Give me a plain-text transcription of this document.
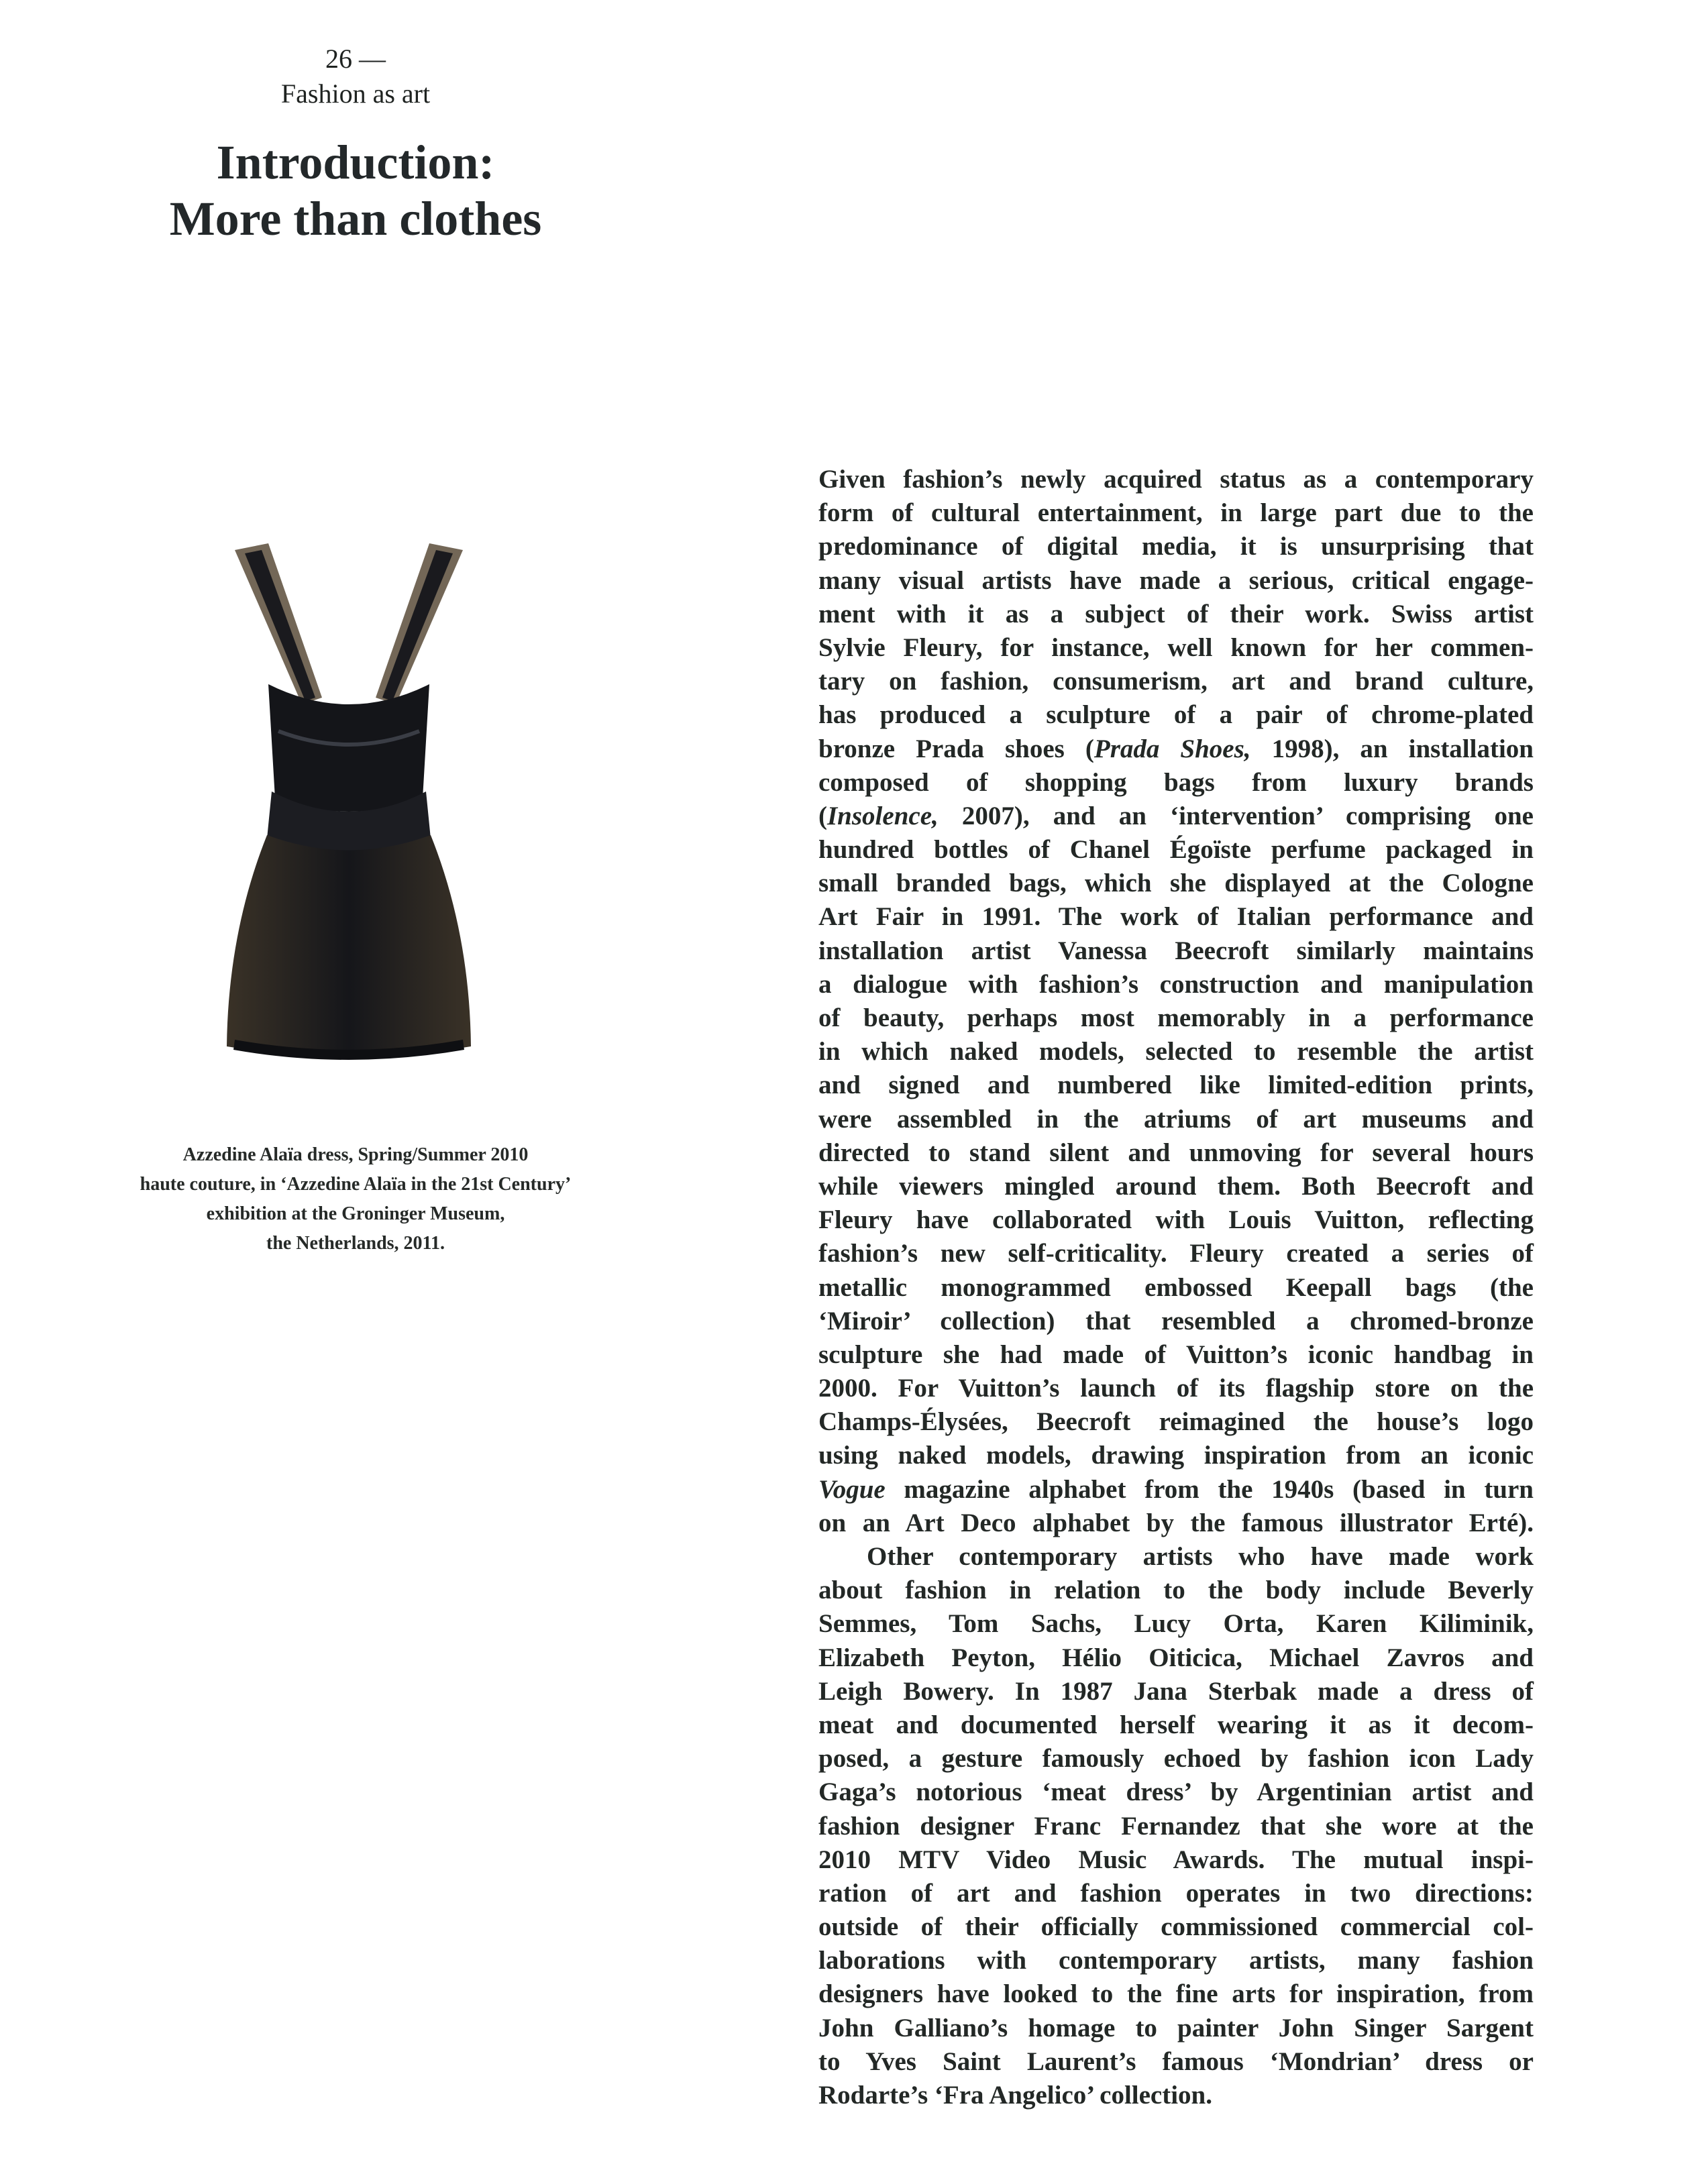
26 —
Fashion as art
Introduction:
More than clothes
Azzedine Alaïa dress, Spring/Summer 2010
haute couture, in ‘Azzedine Alaïa in the 21st Century’
exhibition at the Groninger Museum,
the Netherlands, 2011.
Given fashion’s newly acquired status as a contemporary
form of cultural entertainment, in large part due to the
predominance of digital media, it is unsurprising that
many visual artists have made a serious, critical engage-
ment with it as a subject of their work. Swiss artist
Sylvie Fleury, for instance, well known for her commen-
tary on fashion, consumerism, art and brand culture,
has produced a sculpture of a pair of chrome-plated
bronze Prada shoes (Prada Shoes, 1998), an installation
composed of shopping bags from luxury brands
(Insolence, 2007), and an ‘intervention’ comprising one
hundred bottles of Chanel Égoïste perfume packaged in
small branded bags, which she displayed at the Cologne
Art Fair in 1991. The work of Italian performance and
installation artist Vanessa Beecroft similarly maintains
a dialogue with fashion’s construction and manipulation
of beauty, perhaps most memorably in a performance
in which naked models, selected to resemble the artist
and signed and numbered like limited-edition prints,
were assembled in the atriums of art museums and
directed to stand silent and unmoving for several hours
while viewers mingled around them. Both Beecroft and
Fleury have collaborated with Louis Vuitton, reflecting
fashion’s new self-criticality. Fleury created a series of
metallic monogrammed embossed Keepall bags (the
‘Miroir’ collection) that resembled a chromed-bronze
sculpture she had made of Vuitton’s iconic handbag in
2000. For Vuitton’s launch of its flagship store on the
Champs-Élysées, Beecroft reimagined the house’s logo
using naked models, drawing inspiration from an iconic
Vogue magazine alphabet from the 1940s (based in turn
on an Art Deco alphabet by the famous illustrator Erté).
Other contemporary artists who have made work
about fashion in relation to the body include Beverly
Semmes, Tom Sachs, Lucy Orta, Karen Kiliminik,
Elizabeth Peyton, Hélio Oiticica, Michael Zavros and
Leigh Bowery. In 1987 Jana Sterbak made a dress of
meat and documented herself wearing it as it decom-
posed, a gesture famously echoed by fashion icon Lady
Gaga’s notorious ‘meat dress’ by Argentinian artist and
fashion designer Franc Fernandez that she wore at the
2010 MTV Video Music Awards. The mutual inspi-
ration of art and fashion operates in two directions:
outside of their officially commissioned commercial col-
laborations with contemporary artists, many fashion
designers have looked to the fine arts for inspiration, from
John Galliano’s homage to painter John Singer Sargent
to Yves Saint Laurent’s famous ‘Mondrian’ dress or
Rodarte’s ‘Fra Angelico’ collection.
